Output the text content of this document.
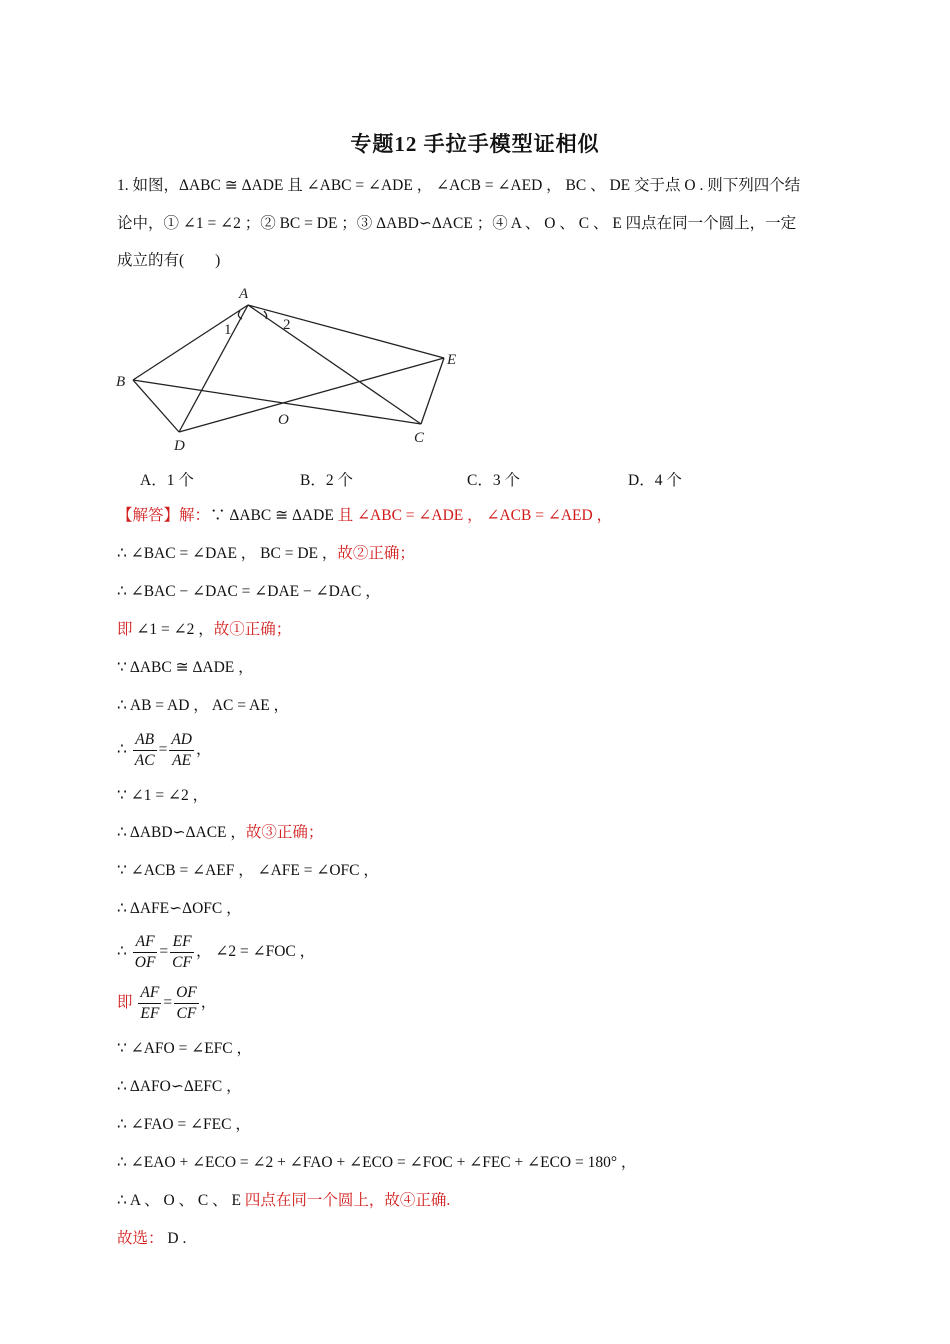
专题12 手拉手模型证相似
1. 如图，ΔABC ≅ ΔADE 且 ∠ABC = ∠ADE ， ∠ACB = ∠AED ， BC 、 DE 交于点 O . 则下列四个结
论中，① ∠1 = ∠2 ；② BC = DE ；③ ΔABD∽ΔACE ；④ A 、 O 、 C 、 E 四点在同一个圆上，一定
成立的有(　　)
A
B
C
D
E
O
1	2
A．1 个	B．2 个	C．3 个	D．4 个
【解答】解：∵ ΔABC ≅ ΔADE 且 ∠ABC = ∠ADE ， ∠ACB = ∠AED ，
∴ ∠BAC = ∠DAE ， BC = DE ，故②正确；
∴ ∠BAC − ∠DAC = ∠DAE − ∠DAC ，
即 ∠1 = ∠2 ，故①正确；
∵ ΔABC ≅ ΔADE ，
∴ AB = AD ， AC = AE ，
∴ $\frac{AB}{AC} = \frac{AD}{AE}$ ，
∵ ∠1 = ∠2 ，
∴ ΔABD∽ΔACE ，故③正确；
∵ ∠ACB = ∠AEF ， ∠AFE = ∠OFC ，
∴ ΔAFE∽ΔOFC ，
∴ $\frac{AF}{OF} = \frac{EF}{CF}$ ， ∠2 = ∠FOC ，
即 $\frac{AF}{EF} = \frac{OF}{CF}$ ，
∵ ∠AFO = ∠EFC ，
∴ ΔAFO∽ΔEFC ，
∴ ∠FAO = ∠FEC ，
∴ ∠EAO + ∠ECO = ∠2 + ∠FAO + ∠ECO = ∠FOC + ∠FEC + ∠ECO = 180° ，
∴ A 、 O 、 C 、 E 四点在同一个圆上，故④正确.
故选： D .
